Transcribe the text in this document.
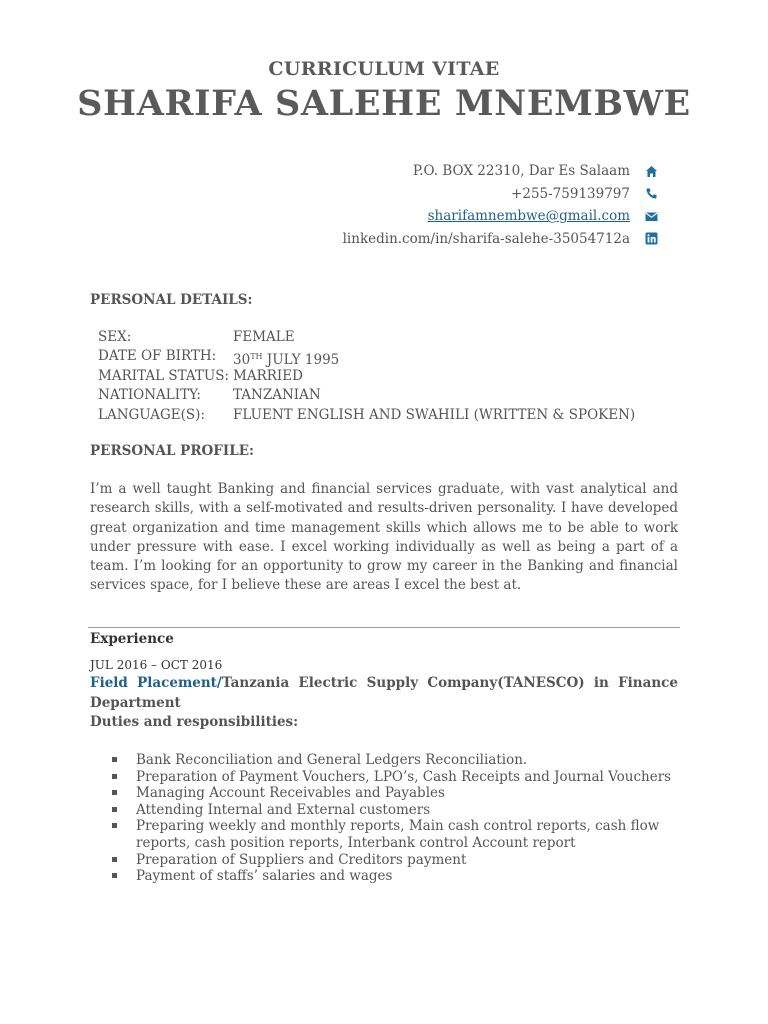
CURRICULUM VITAE
SHARIFA SALEHE MNEMBWE
P.O. BOX 22310, Dar Es Salaam
+255-759139797
sharifamnembwe@gmail.com
linkedin.com/in/sharifa-salehe-35054712a
PERSONAL DETAILS:
SEX:	FEMALE
DATE OF BIRTH:	30TH JULY 1995
MARITAL STATUS: MARRIED
NATIONALITY:	TANZANIAN
LANGUAGE(S):	FLUENT ENGLISH AND SWAHILI (WRITTEN & SPOKEN)
PERSONAL PROFILE:
I’m a well taught Banking and financial services graduate, with vast analytical and research skills, with a self-motivated and results-driven personality. I have developed great organization and time management skills which allows me to be able to work under pressure with ease. I excel working individually as well as being a part of a team. I’m looking for an opportunity to grow my career in the Banking and financial services space, for I believe these are areas I excel the best at.
Experience
JUL 2016 – OCT 2016
Field Placement/Tanzania Electric Supply Company(TANESCO) in Finance Department
Duties and responsibilities:
Bank Reconciliation and General Ledgers Reconciliation.
Preparation of Payment Vouchers, LPO’s, Cash Receipts and Journal Vouchers
Managing Account Receivables and Payables
Attending Internal and External customers
Preparing weekly and monthly reports, Main cash control reports, cash flow reports, cash position reports, Interbank control Account report
Preparation of Suppliers and Creditors payment
Payment of staffs’ salaries and wages
